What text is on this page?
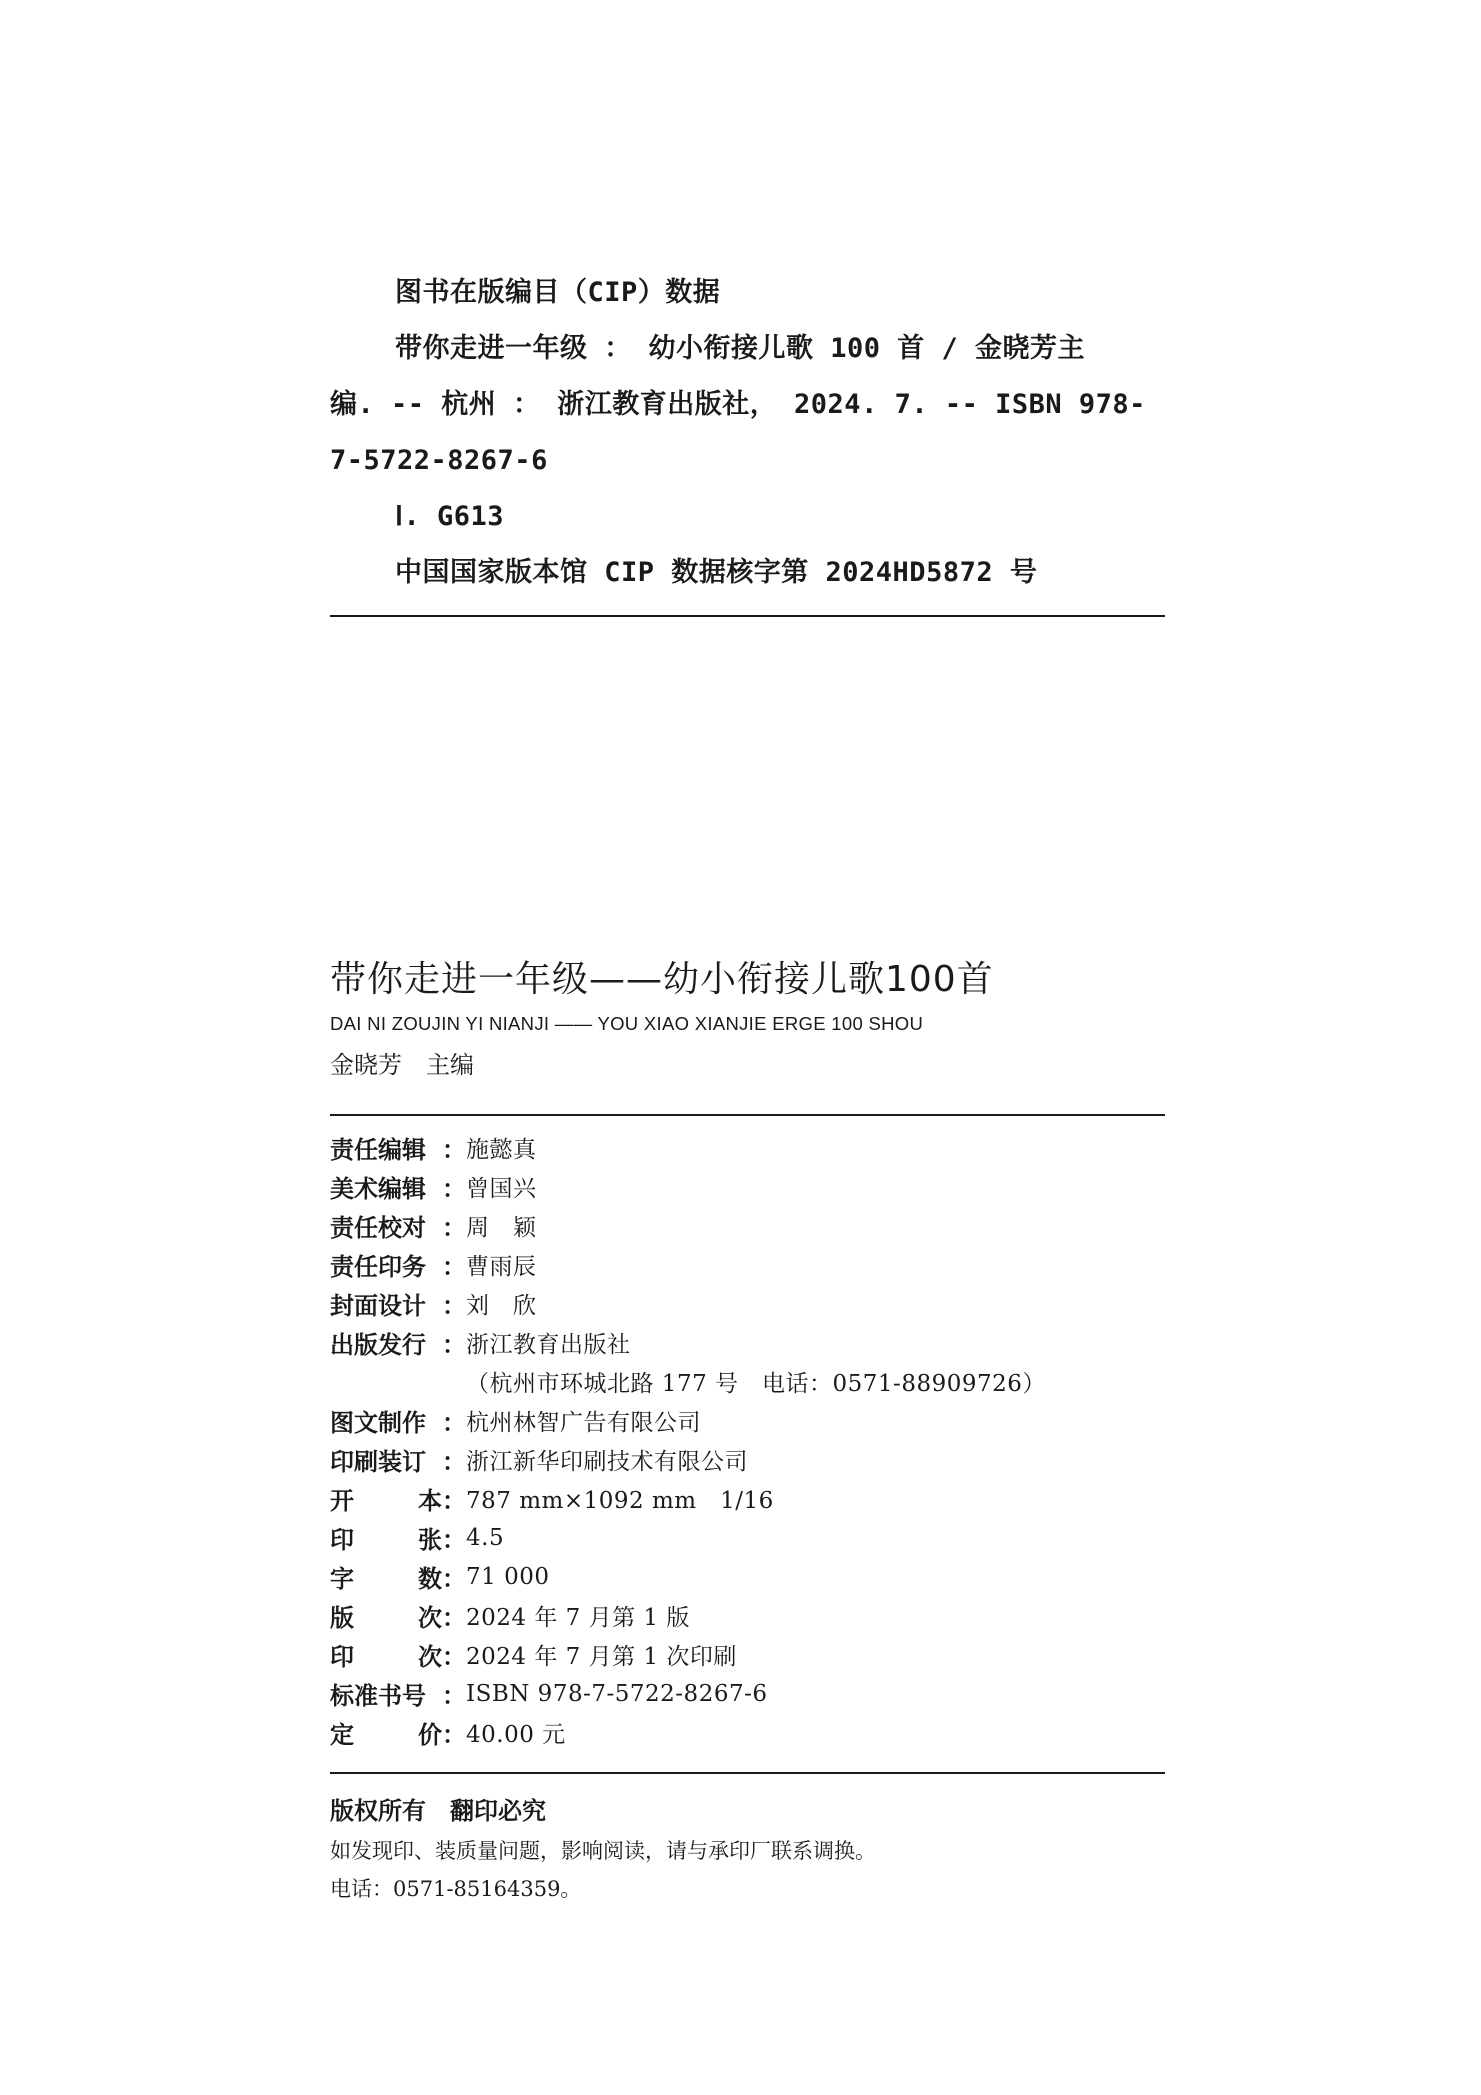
图书在版编目（CIP）数据
带你走进一年级 ： 幼小衔接儿歌 100 首 / 金晓芳主
编. -- 杭州 ： 浙江教育出版社， 2024. 7. -- ISBN 978-
7-5722-8267-6
Ⅰ. G613
中国国家版本馆 CIP 数据核字第 2024HD5872 号
带你走进一年级——幼小衔接儿歌100首
DAI NI ZOUJIN YI NIANJI —— YOU XIAO XIANJIE ERGE 100 SHOU
金晓芳　主编
责任编辑 ： 施懿真
美术编辑 ： 曾国兴
责任校对 ： 周　颖
责任印务 ： 曹雨辰
封面设计 ： 刘　欣
出版发行 ： 浙江教育出版社
（杭州市环城北路 177 号　电话：0571-88909726）
图文制作 ： 杭州林智广告有限公司
印刷装订 ： 浙江新华印刷技术有限公司
开	本 ： 787 mm×1092 mm　1/16
印	张 ： 4.5
字	数 ： 71 000
版	次 ： 2024 年 7 月第 1 版
印	次 ： 2024 年 7 月第 1 次印刷
标准书号 ： ISBN 978-7-5722-8267-6
定	价 ： 40.00 元
版权所有　翻印必究
如发现印、装质量问题，影响阅读，请与承印厂联系调换。
电话：0571-85164359。
